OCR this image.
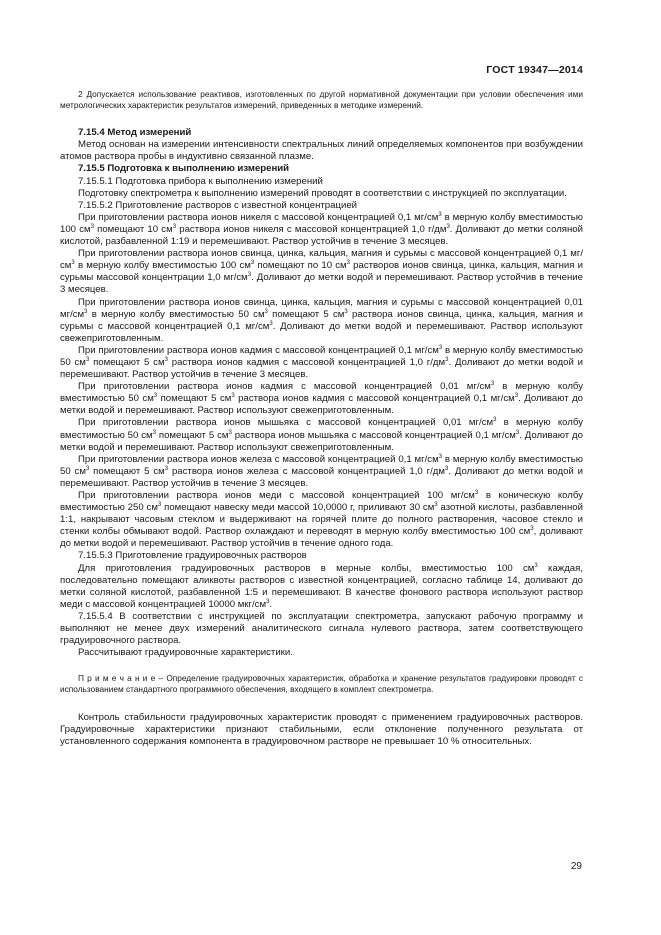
ГОСТ 19347—2014

2 Допускается использование реактивов, изготовленных по другой нормативной документации при условии обеспечения ими метрологических характеристик результатов измерений, приведенных в методике измерений.

7.15.4 Метод измерений

Метод основан на измерении интенсивности спектральных линий определяемых компонентов при возбуждении атомов раствора пробы в индуктивно связанной плазме.

7.15.5 Подготовка к выполнению измерений

7.15.5.1 Подготовка прибора к выполнению измерений

Подготовку спектрометра к выполнению измерений проводят в соответствии с инструкцией по эксплуатации.

7.15.5.2 Приготовление растворов с известной концентрацией

При приготовлении раствора ионов никеля с массовой концентрацией 0,1 $мг/см^3$ в мерную колбу вместимостью 100 $см^3$ помещают 10 $см^3$ раствора ионов никеля с массовой концентрацией 1,0 $г/дм^3$. Доливают до метки соляной кислотой, разбавленной 1:19 и перемешивают. Раствор устойчив в течение 3 месяцев.

При приготовлении раствора ионов свинца, цинка, кальция, магния и сурьмы с массовой концентрацией 0,1 $мг/см^3$ в мерную колбу вместимостью 100 $см^3$ помещают по 10 $см^3$ растворов ионов свинца, цинка, кальция, магния и сурьмы массовой концентрации 1,0 $мг/см^3$. Доливают до метки водой и перемешивают. Раствор устойчив в течение 3 месяцев.

При приготовлении раствора ионов свинца, цинка, кальция, магния и сурьмы с массовой концентрацией 0,01 $мг/см^3$ в мерную колбу вместимостью 50 $см^3$ помещают 5 $см^3$ раствора ионов свинца, цинка, кальция, магния и сурьмы с массовой концентрацией 0,1 $мг/см^3$. Доливают до метки водой и перемешивают. Раствор используют свежеприготовленным.

При приготовлении раствора ионов кадмия с массовой концентрацией 0,1 $мг/см^3$ в мерную колбу вместимостью 50 $см^3$ помещают 5 $см^3$ раствора ионов кадмия с массовой концентрацией 1,0 $г/дм^3$. Доливают до метки водой и перемешивают. Раствор устойчив в течение 3 месяцев.

При приготовлении раствора ионов кадмия с массовой концентрацией 0,01 $мг/см^3$ в мерную колбу вместимостью 50 $см^3$ помещают 5 $см^3$ раствора ионов кадмия с массовой концентрацией 0,1 $мг/см^3$. Доливают до метки водой и перемешивают. Раствор используют свежеприготовленным.

При приготовлении раствора ионов мышьяка с массовой концентрацией 0,01 $мг/см^3$ в мерную колбу вместимостью 50 $см^3$ помещают 5 $см^3$ раствора ионов мышьяка с массовой концентрацией 0,1 $мг/см^3$. Доливают до метки водой и перемешивают. Раствор используют свежеприготовленным.

При приготовлении раствора ионов железа с массовой концентрацией 0,1 $мг/см^3$ в мерную колбу вместимостью 50 $см^3$ помещают 5 $см^3$ раствора ионов железа с массовой концентрацией 1,0 $г/дм^3$. Доливают до метки водой и перемешивают. Раствор устойчив в течение 3 месяцев.

При приготовлении раствора ионов меди с массовой концентрацией 100 $мг/см^3$ в коническую колбу вместимостью 250 $см^3$ помещают навеску меди массой 10,0000 г, приливают 30 $см^3$ азотной кислоты, разбавленной 1:1, накрывают часовым стеклом и выдерживают на горячей плите до полного растворения, часовое стекло и стенки колбы обмывают водой. Раствор охлаждают и переводят в мерную колбу вместимостью 100 $см^3$, доливают до метки водой и перемешивают. Раствор устойчив в течение одного года.

7.15.5.3 Приготовление градуировочных растворов

Для приготовления градуировочных растворов в мерные колбы, вместимостью 100 $см^3$ каждая, последовательно помещают аликвоты растворов с известной концентрацией, согласно таблице 14, доливают до метки соляной кислотой, разбавленной 1:5 и перемешивают. В качестве фонового раствора используют раствор меди с массовой концентрацией 10000 мкг/$см^3$.

7.15.5.4 В соответствии с инструкцией по эксплуатации спектрометра, запускают рабочую программу и выполняют не менее двух измерений аналитического сигнала нулевого раствора, затем соответствующего градуировочного раствора.

Рассчитывают градуировочные характеристики.

П р и м е ч а н и е – Определение градуировочных характеристик, обработка и хранение результатов градуировки проводят с использованием стандартного программного обеспечения, входящего в комплект спектрометра.

Контроль стабильности градуировочных характеристик проводят с применением градуировочных растворов. Градуировочные характеристики признают стабильными, если отклонение полученного результата от установленного содержания компонента в градуировочном растворе не превышает 10 % относительных.

29
